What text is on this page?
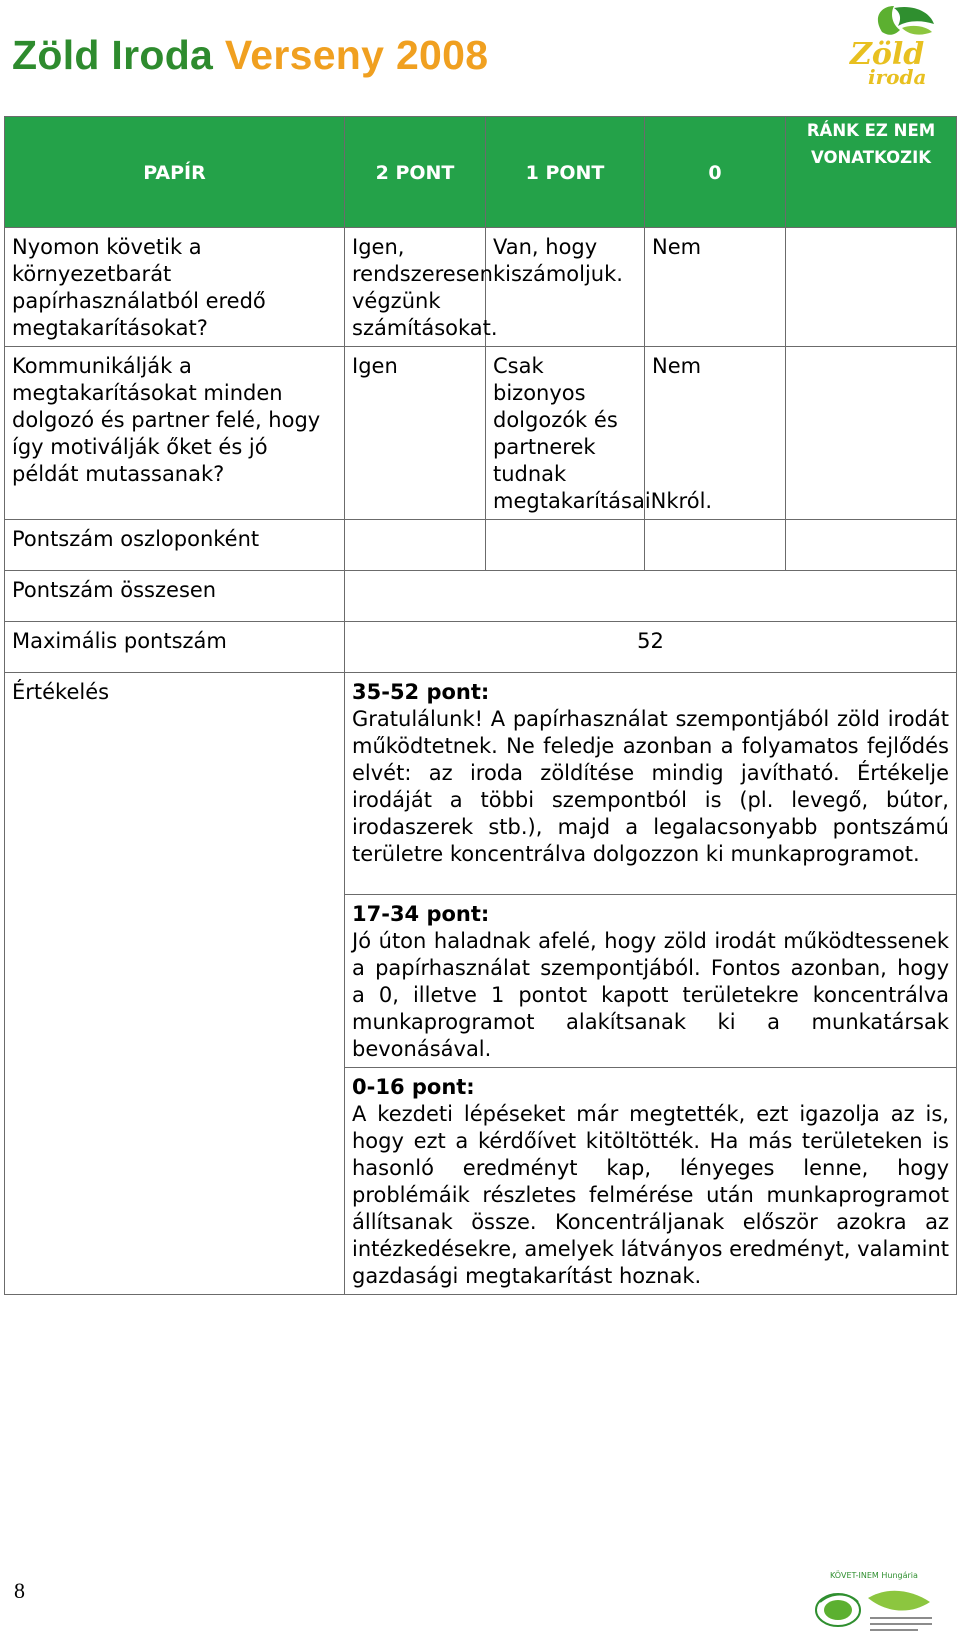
Zöld Iroda Verseny 2008	Zöld
iroda
PAPÍR	2 PONT	1 PONT	0	RÁNK EZ NEM VONATKOZIK
Nyomon követik a környezetbarát papírhasználatból eredő megtakarításokat?	Igen, rendszeresen végzünk számításokat.	Van, hogy kiszámoljuk.	Nem	
Kommunikálják a megtakarításokat minden dolgozó és partner felé, hogy így motiválják őket és jó példát mutassanak?	Igen	Csak bizonyos dolgozók és partnerek tudnak megtakarításaiNkról.	Nem	
Pontszám oszloponként				
Pontszám összesen				
Maximális pontszám	52			
Értékelés	35-52 pont:
Gratulálunk! A papírhasználat szempontjából zöld irodát működtetnek. Ne feledje azonban a folyamatos fejlődés elvét: az iroda zöldítése mindig javítható. Értékelje irodáját a többi szempontból is (pl. levegő, bútor, irodaszerek stb.), majd a legalacsonyabb pontszámú területre koncentrálva dolgozzon ki munkaprogramot.			

	17-34 pont:
Jó úton haladnak afelé, hogy zöld irodát működtessenek a papírhasználat szempontjából. Fontos azonban, hogy a 0, illetve 1 pontot kapott területekre koncentrálva munkaprogramot alakítsanak ki a munkatársak bevonásával.			

	0-16 pont:
A kezdeti lépéseket már megtették, ezt igazolja az is, hogy ezt a kérdőívet kitöltötték. Ha más területeken is hasonló eredményt kap, lényeges lenne, hogy problémáik részletes felmérése után munkaprogramot állítsanak össze. Koncentráljanak először azokra az intézkedésekre, amelyek látványos eredményt, valamint gazdasági megtakarítást hoznak.			
8
KÖVET-INEM Hungária
